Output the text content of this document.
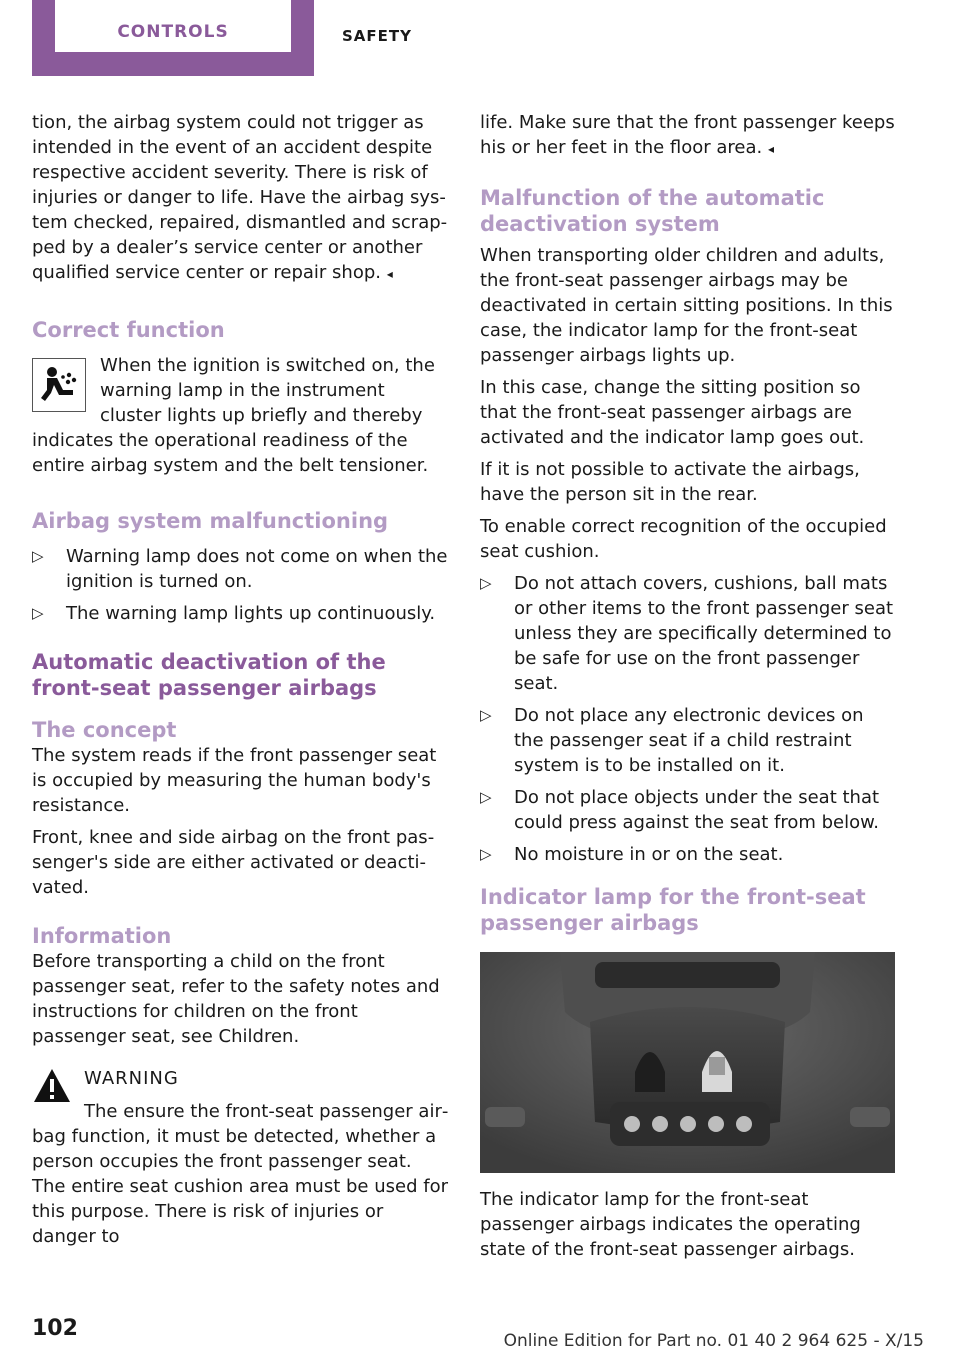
CONTROLS	SAFETY

tion, the airbag system could not trigger as intended in the event of an accident despite respective accident severity. There is risk of injuries or danger to life. Have the airbag system checked, repaired, dismantled and scrapped by a dealer’s service center or another qualified service center or repair shop. ◂

Correct function

When the ignition is switched on, the warning lamp in the instrument cluster lights up briefly and thereby indicates the operational readiness of the entire airbag system and the belt tensioner.

Airbag system malfunctioning
▷ Warning lamp does not come on when the ignition is turned on.
▷ The warning lamp lights up continuously.
Automatic deactivation of the front-seat passenger airbags
The concept

The system reads if the front passenger seat is occupied by measuring the human body's resistance.

Front, knee and side airbag on the front passenger's side are either activated or deactivated.

Information

Before transporting a child on the front passenger seat, refer to the safety notes and instructions for children on the front passenger seat, see Children.

WARNING

The ensure the front-seat passenger airbag function, it must be detected, whether a person occupies the front passenger seat. The entire seat cushion area must be used for this purpose. There is risk of injuries or danger to

life. Make sure that the front passenger keeps his or her feet in the floor area. ◂

Malfunction of the automatic deactivation system

When transporting older children and adults, the front-seat passenger airbags may be deactivated in certain sitting positions. In this case, the indicator lamp for the front-seat passenger airbags lights up.

In this case, change the sitting position so that the front-seat passenger airbags are activated and the indicator lamp goes out.

If it is not possible to activate the airbags, have the person sit in the rear.

To enable correct recognition of the occupied seat cushion.

▷ Do not attach covers, cushions, ball mats or other items to the front passenger seat unless they are specifically determined to be safe for use on the front passenger seat.
▷ Do not place any electronic devices on the passenger seat if a child restraint system is to be installed on it.
▷ Do not place objects under the seat that could press against the seat from below.
▷ No moisture in or on the seat.
Indicator lamp for the front-seat passenger airbags

The indicator lamp for the front-seat passenger airbags indicates the operating state of the front-seat passenger airbags.

102	Online Edition for Part no. 01 40 2 964 625 - X/15
